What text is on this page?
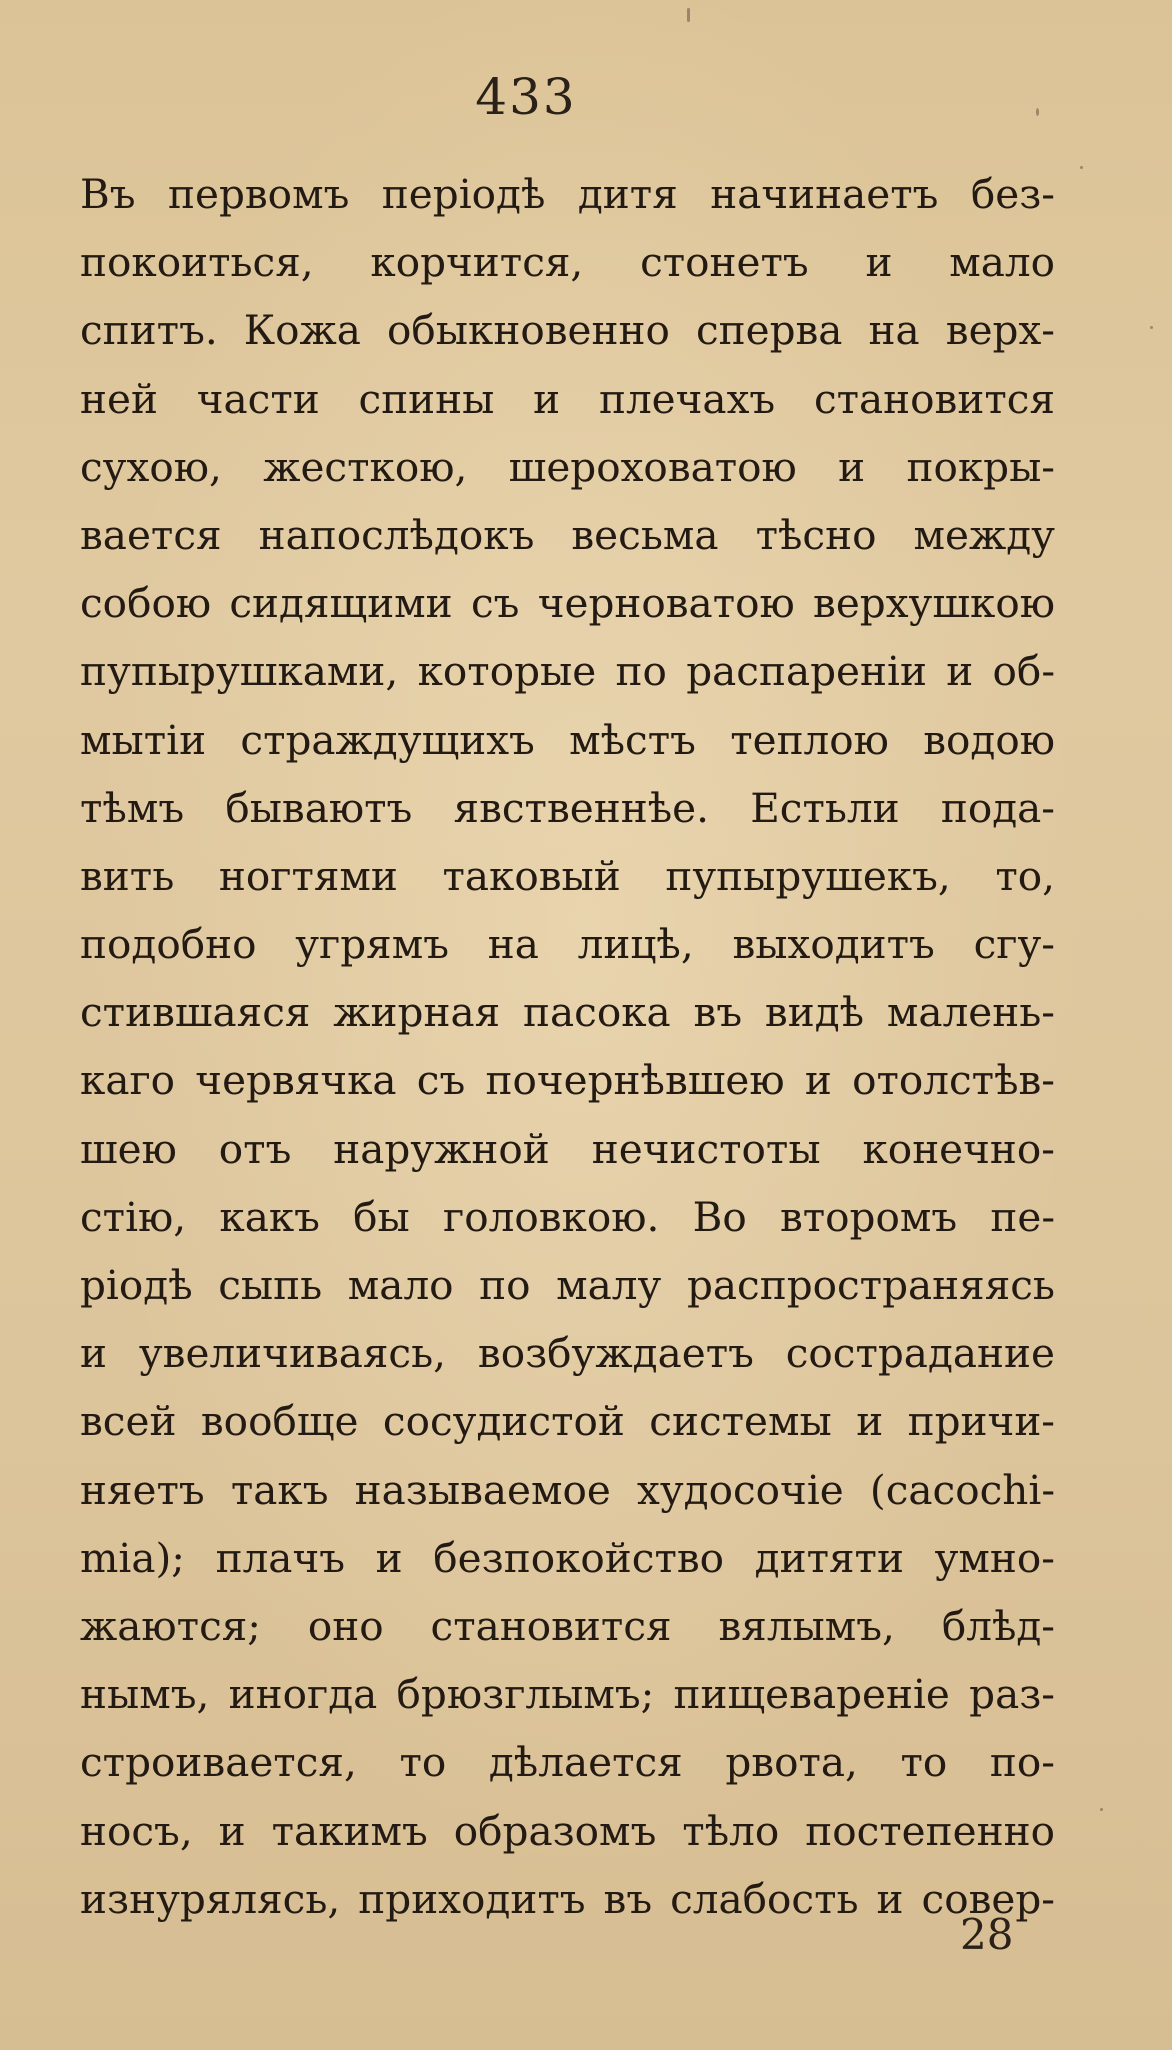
433
Въ первомъ періодѣ дитя начинаетъ без-
покоиться, корчится, стонетъ и мало
спитъ. Кожа обыкновенно сперва на верх-
ней части спины и плечахъ становится
сухою, жесткою, шероховатою и покры-
вается напослѣдокъ весьма тѣсно между
собою сидящими съ черноватою верхушкою
пупырушками, которые по распареніи и об-
мытіи страждущихъ мѣстъ теплою водою
тѣмъ бываютъ явственнѣе. Естьли пода-
вить ногтями таковый пупырушекъ, то,
подобно угрямъ на лицѣ, выходитъ сгу-
стившаяся жирная пасока въ видѣ малень-
каго червячка съ почернѣвшею и отолстѣв-
шею отъ наружной нечистоты конечно-
стію, какъ бы головкою. Во второмъ пе-
ріодѣ сыпь мало по малу распространяясь
и увеличиваясь, возбуждаетъ сострадание
всей вообще сосудистой системы и причи-
няетъ такъ называемое худосочіе (cacochi-
mia); плачъ и безпокойство дитяти умно-
жаются; оно становится вялымъ, блѣд-
нымъ, иногда брюзглымъ; пищевареніе раз-
строивается, то дѣлается рвота, то по-
носъ, и такимъ образомъ тѣло постепенно
изнурялясь, приходитъ въ слабость и совер-
28
